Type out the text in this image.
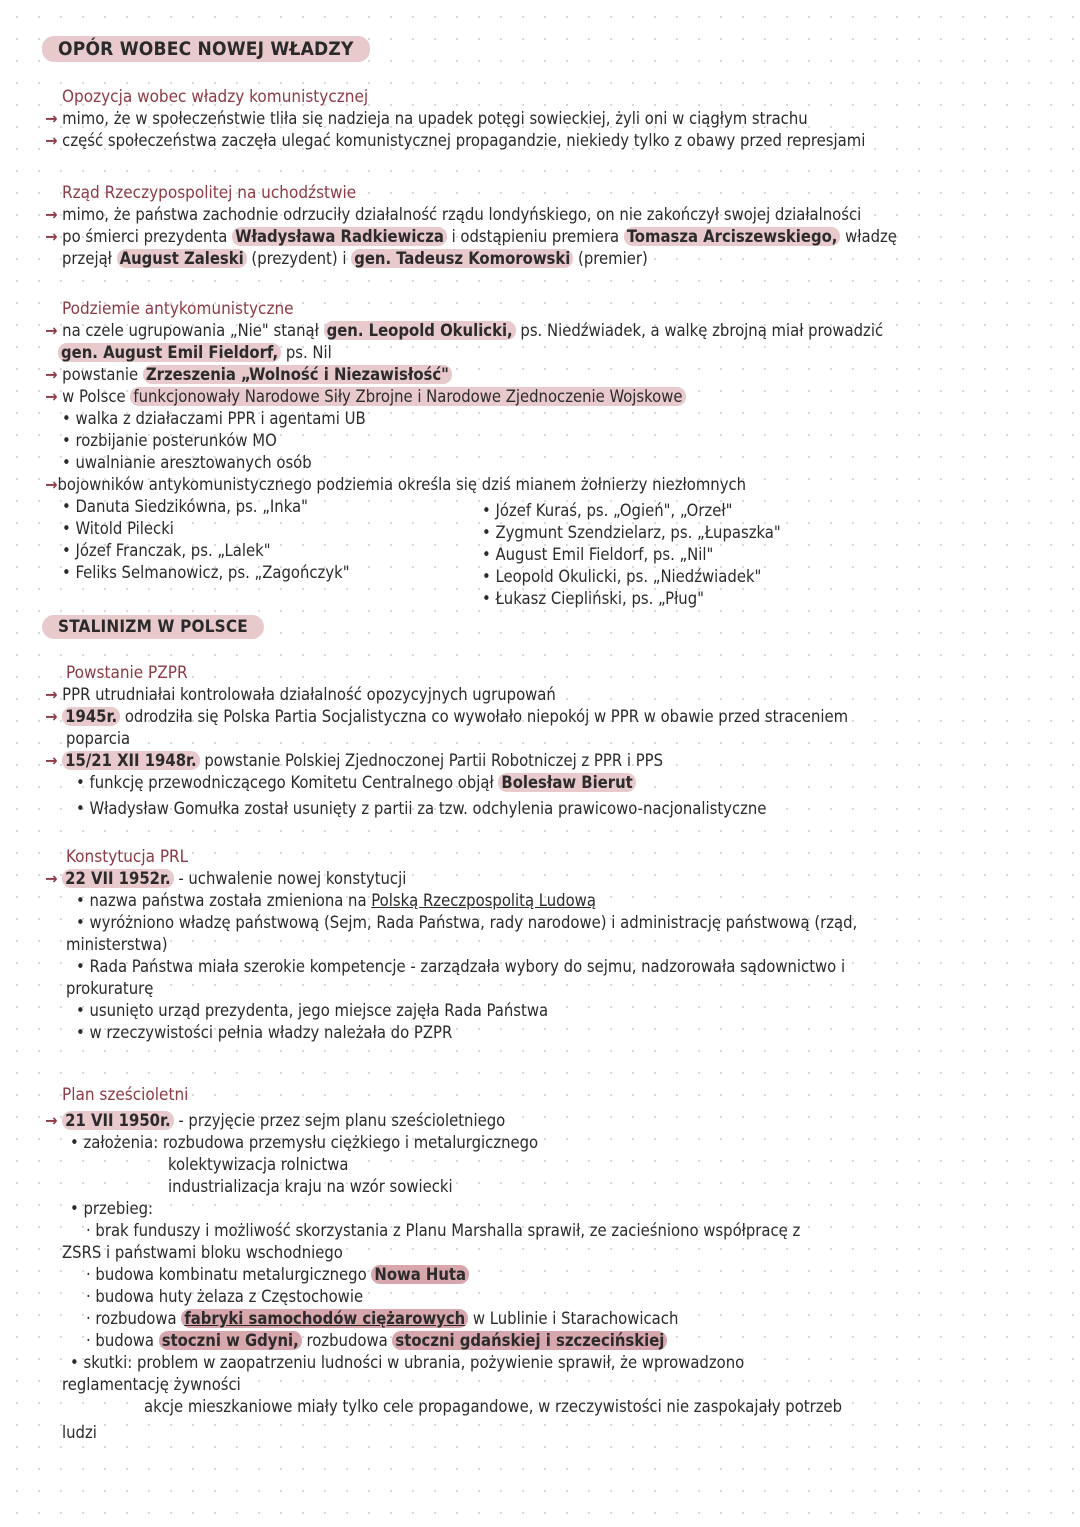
OPÓR WOBEC NOWEJ WŁADZY
Opozycja wobec władzy komunistycznej
→ mimo, że w społeczeństwie tliła się nadzieja na upadek potęgi sowieckiej, żyli oni w ciągłym strachu
→ część społeczeństwa zaczęła ulegać komunistycznej propagandzie, niekiedy tylko z obawy przed represjami
Rząd Rzeczypospolitej na uchodźstwie
→ mimo, że państwa zachodnie odrzuciły działalność rządu londyńskiego, on nie zakończył swojej działalności
→ po śmierci prezydenta Władysława Radkiewicza i odstąpieniu premiera Tomasza Arciszewskiego, władzę
przejął August Zaleski (prezydent) i gen. Tadeusz Komorowski (premier)
Podziemie antykomunistyczne
→ na czele ugrupowania „Nie" stanął gen. Leopold Okulicki, ps. Niedźwiadek, a walkę zbrojną miał prowadzić
gen. August Emil Fieldorf, ps. Nil
→ powstanie Zrzeszenia „Wolność i Niezawisłość"
→ w Polsce funkcjonowały Narodowe Siły Zbrojne i Narodowe Zjednoczenie Wojskowe
• walka z działaczami PPR i agentami UB
• rozbijanie posterunków MO
• uwalnianie aresztowanych osób
→bojowników antykomunistycznego podziemia określa się dziś mianem żołnierzy niezłomnych
• Danuta Siedzikówna, ps. „Inka"
• Witold Pilecki
• Józef Franczak, ps. „Lalek"
• Feliks Selmanowicz, ps. „Zagończyk"
• Józef Kuraś, ps. „Ogień", „Orzeł"
• Zygmunt Szendzielarz, ps. „Łupaszka"
• August Emil Fieldorf, ps. „Nil"
• Leopold Okulicki, ps. „Niedźwiadek"
• Łukasz Ciepliński, ps. „Pług"
STALINIZM W POLSCE
Powstanie PZPR
→ PPR utrudniałai kontrolowała działalność opozycyjnych ugrupowań
→ 1945r. odrodziła się Polska Partia Socjalistyczna co wywołało niepokój w PPR w obawie przed straceniem
poparcia
→ 15/21 XII 1948r. powstanie Polskiej Zjednoczonej Partii Robotniczej z PPR i PPS
• funkcję przewodniczącego Komitetu Centralnego objął Bolesław Bierut
• Władysław Gomułka został usunięty z partii za tzw. odchylenia prawicowo-nacjonalistyczne
Konstytucja PRL
→ 22 VII 1952r. - uchwalenie nowej konstytucji
• nazwa państwa została zmieniona na Polską Rzeczpospolitą Ludową
• wyróżniono władzę państwową (Sejm, Rada Państwa, rady narodowe) i administrację państwową (rząd,
ministerstwa)
• Rada Państwa miała szerokie kompetencje - zarządzała wybory do sejmu, nadzorowała sądownictwo i
prokuraturę
• usunięto urząd prezydenta, jego miejsce zajęła Rada Państwa
• w rzeczywistości pełnia władzy należała do PZPR
Plan sześcioletni
→ 21 VII 1950r. - przyjęcie przez sejm planu sześcioletniego
• założenia: rozbudowa przemysłu ciężkiego i metalurgicznego
kolektywizacja rolnictwa
industrializacja kraju na wzór sowiecki
• przebieg:
· brak funduszy i możliwość skorzystania z Planu Marshalla sprawił, ze zacieśniono współpracę z
ZSRS i państwami bloku wschodniego
· budowa kombinatu metalurgicznego Nowa Huta
· budowa huty żelaza z Częstochowie
· rozbudowa fabryki samochodów ciężarowych w Lublinie i Starachowicach
· budowa stoczni w Gdyni, rozbudowa stoczni gdańskiej i szczecińskiej
• skutki: problem w zaopatrzeniu ludności w ubrania, pożywienie sprawił, że wprowadzono
reglamentację żywności
akcje mieszkaniowe miały tylko cele propagandowe, w rzeczywistości nie zaspokajały potrzeb
ludzi
